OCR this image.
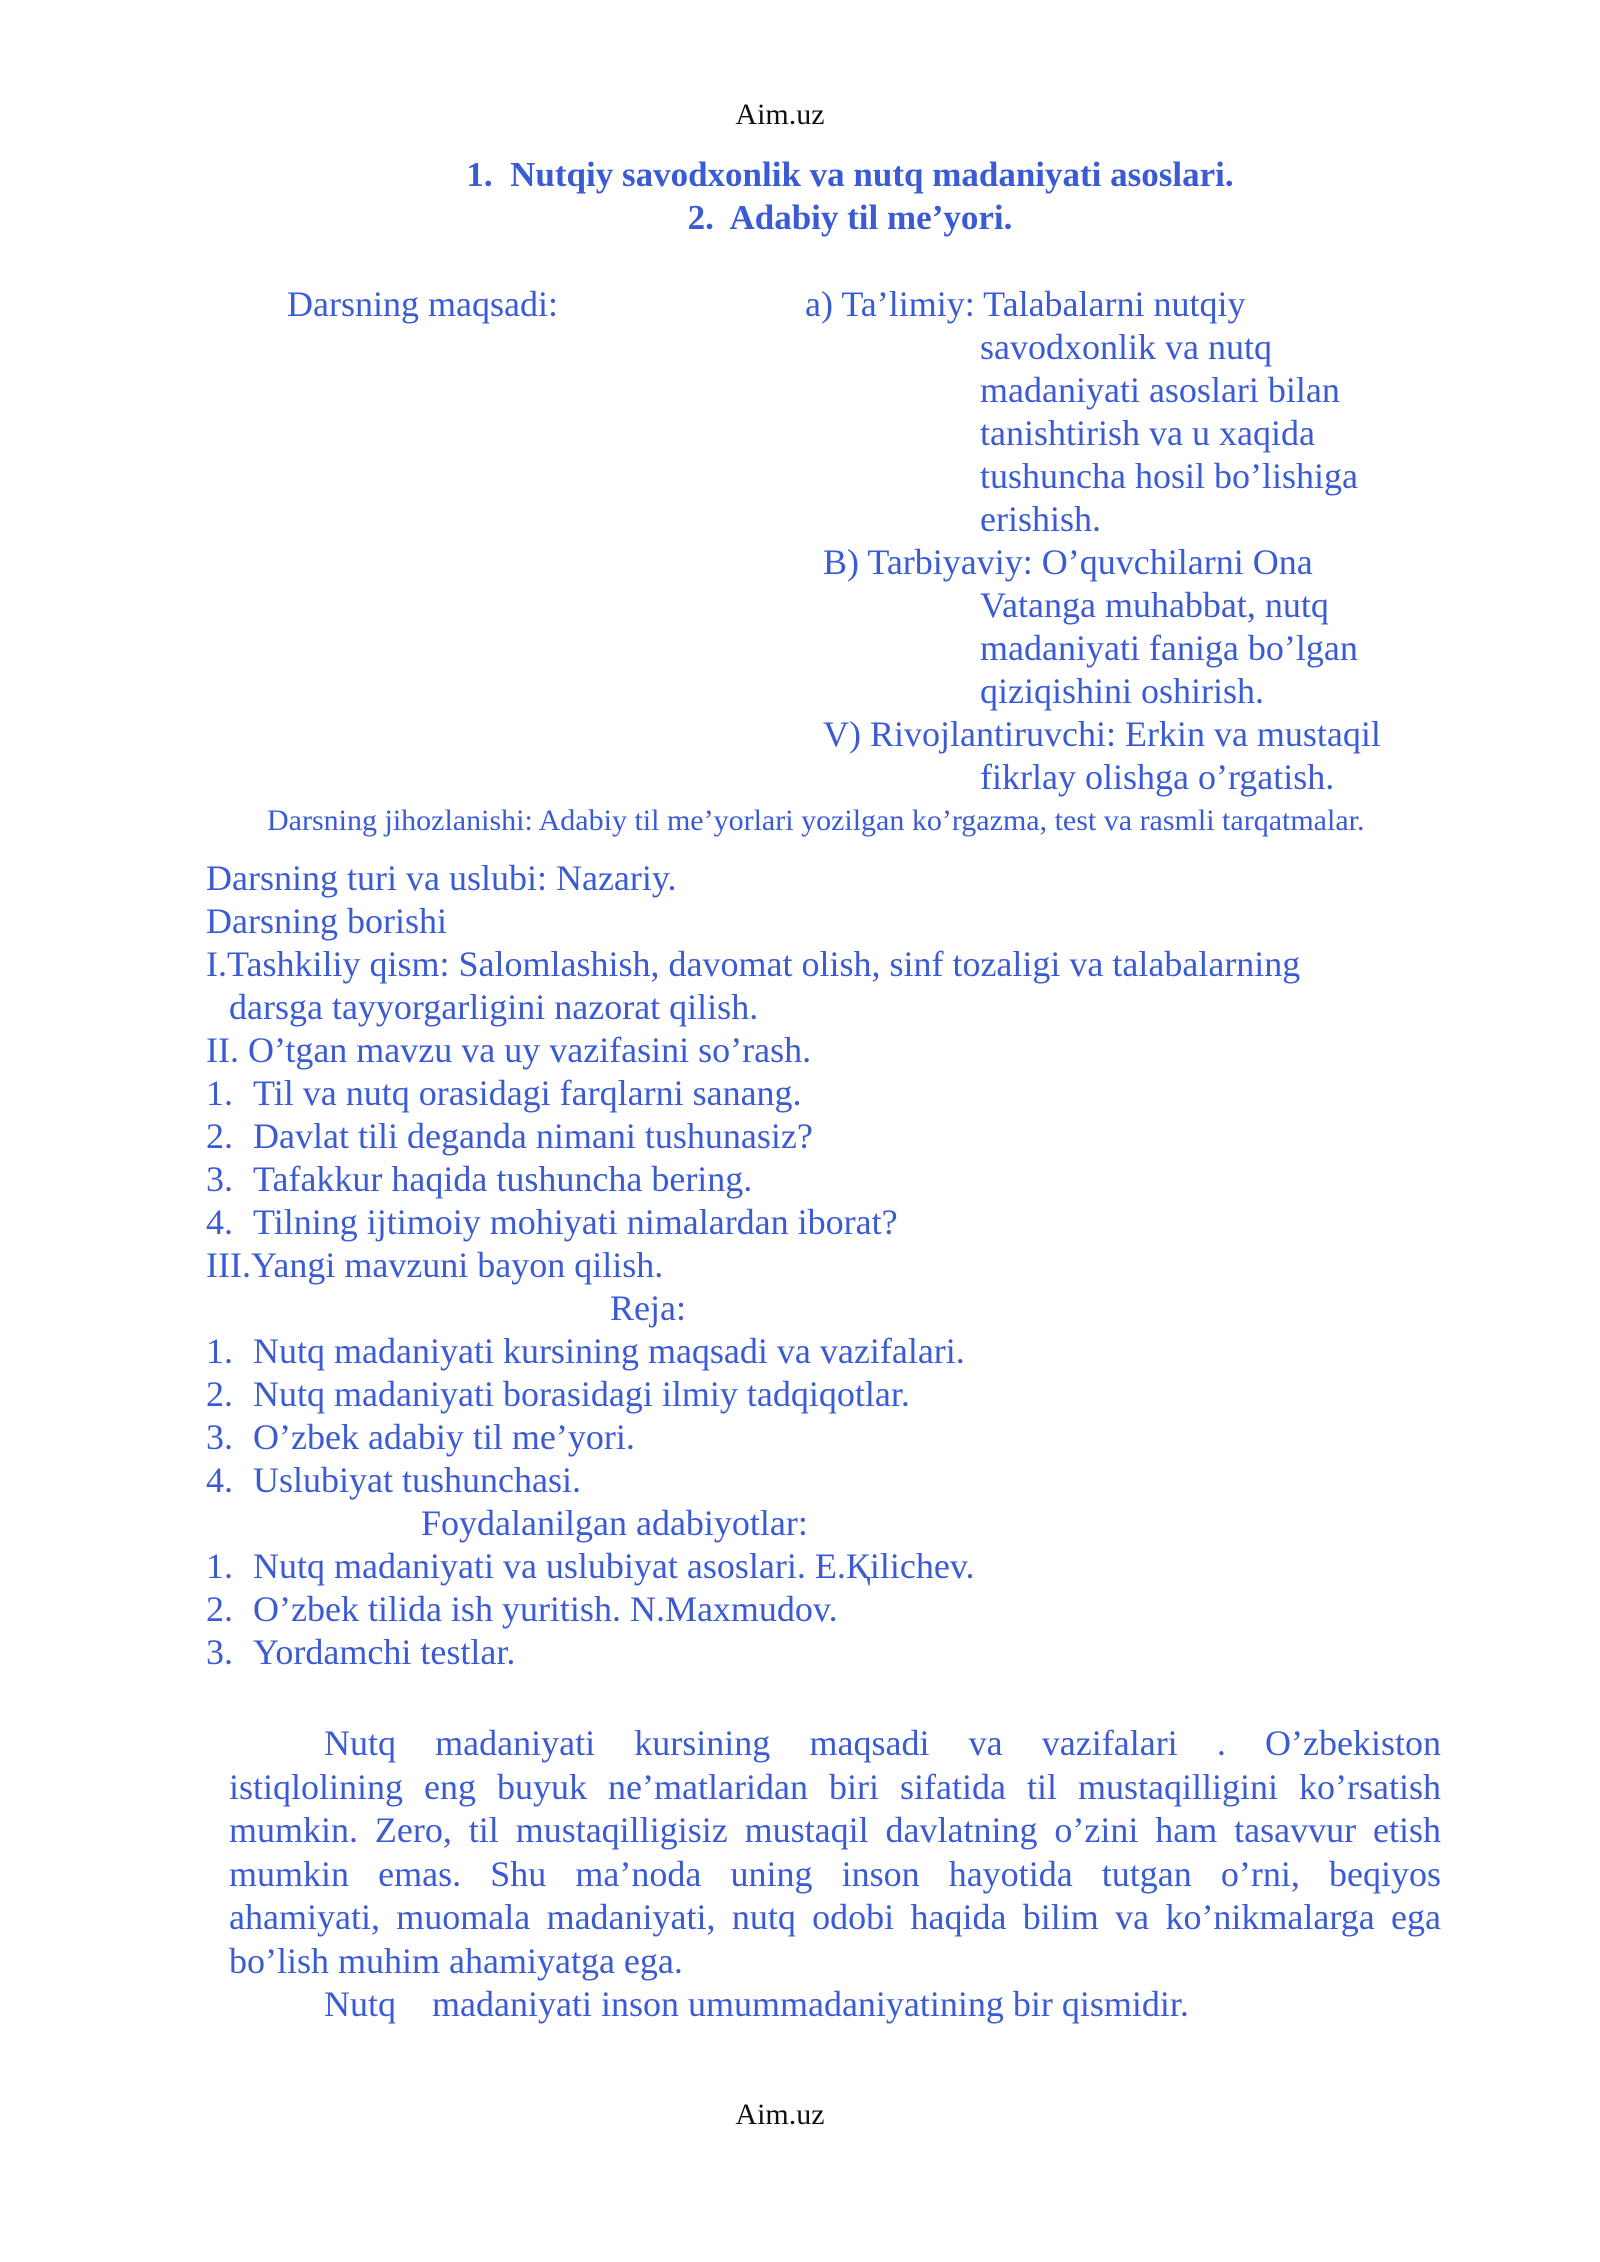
Aim.uz
1. Nutqiy savodxonlik va nutq madaniyati asoslari.
2. Adabiy til me’yori.
Darsning maqsadi:	a) Ta’limiy: Talabalarni nutqiy
savodxonlik va nutq
madaniyati asoslari bilan
tanishtirish va u xaqida
tushuncha hosil bo’lishiga
erishish.
B) Tarbiyaviy: O’quvchilarni Ona
Vatanga muhabbat, nutq
madaniyati faniga bo’lgan
qiziqishini oshirish.
V) Rivojlantiruvchi: Erkin va mustaqil
fikrlay olishga o’rgatish.
Darsning jihozlanishi: Adabiy til me’yorlari yozilgan ko’rgazma, test va rasmli tarqatmalar.
Darsning turi va uslubi: Nazariy.
Darsning borishi
I.Tashkiliy qism: Salomlashish, davomat olish, sinf tozaligi va talabalarning
darsga tayyorgarligini nazorat qilish.
II. O’tgan mavzu va uy vazifasini so’rash.
1. Til va nutq orasidagi farqlarni sanang.
2. Davlat tili deganda nimani tushunasiz?
3. Tafakkur haqida tushuncha bering.
4. Tilning ijtimoiy mohiyati nimalardan iborat?
III.Yangi mavzuni bayon qilish.
Reja:
1. Nutq madaniyati kursining maqsadi va vazifalari.
2. Nutq madaniyati borasidagi ilmiy tadqiqotlar.
3. O’zbek adabiy til me’yori.
4. Uslubiyat tushunchasi.
Foydalanilgan adabiyotlar:
1. Nutq madaniyati va uslubiyat asoslari. E.Қilichev.
2. O’zbek tilida ish yuritish. N.Maxmudov.
3. Yordamchi testlar.
Nutq madaniyati kursining maqsadi va vazifalari . O’zbekiston
istiqlolining eng buyuk ne’matlaridan biri sifatida til mustaqilligini ko’rsatish
mumkin. Zero, til mustaqilligisiz mustaqil davlatning o’zini ham tasavvur etish
mumkin emas. Shu ma’noda uning inson hayotida tutgan o’rni, beqiyos
ahamiyati, muomala madaniyati, nutq odobi haqida bilim va ko’nikmalarga ega
bo’lish muhim ahamiyatga ega.
Nutq    madaniyati inson umummadaniyatining bir qismidir.
Aim.uz
